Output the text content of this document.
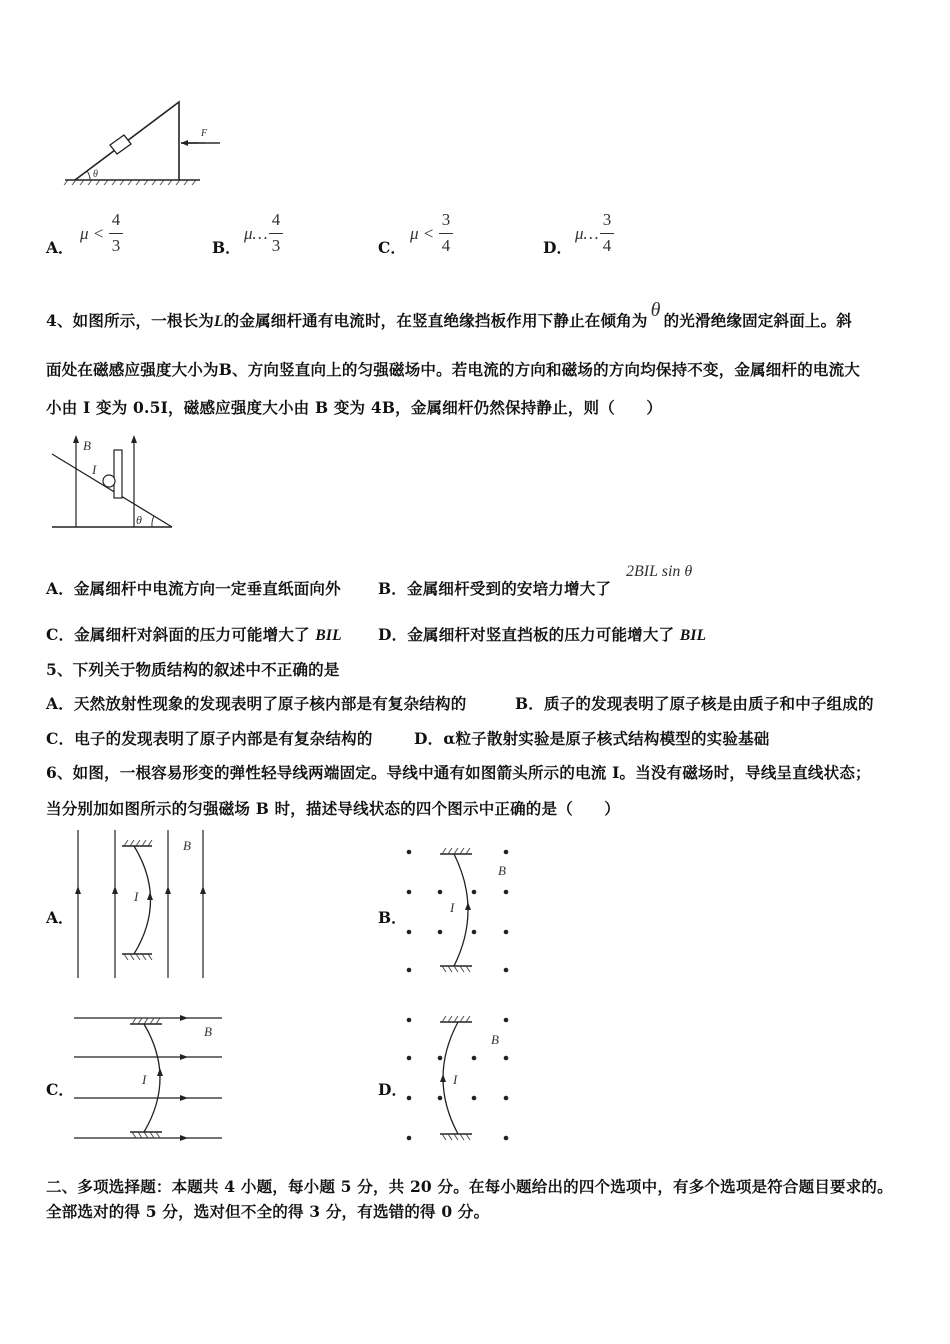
θ
F
A．
μ <
4
3	B．
μ…
4
3	C．
μ <
3
4	D．
μ…
3
4
4、如图所示，一根长为L的金属细杆通有电流时，在竖直绝缘挡板作用下静止在倾角为 θ 的光滑绝缘固定斜面上。斜
面处在磁感应强度大小为B、方向竖直向上的匀强磁场中。若电流的方向和磁场的方向均保持不变，金属细杆的电流大
小由 I 变为 0.5I，磁感应强度大小由 B 变为 4B，金属细杆仍然保持静止，则（　　）
B
I
θ
A．金属细杆中电流方向一定垂直纸面向外 B．金属细杆受到的安培力增大了
2BIL sin θ
C．金属细杆对斜面的压力可能增大了 BIL D．金属细杆对竖直挡板的压力可能增大了 BIL
5、下列关于物质结构的叙述中不正确的是
A．天然放射性现象的发现表明了原子核内部是有复杂结构的	B．质子的发现表明了原子核是由质子和中子组成的
C．电子的发现表明了原子内部是有复杂结构的	D．α粒子散射实验是原子核式结构模型的实验基础
6、如图，一根容易形变的弹性轻导线两端固定。导线中通有如图箭头所示的电流 I。当没有磁场时，导线呈直线状态；
当分别加如图所示的匀强磁场 B 时，描述导线状态的四个图示中正确的是（　　）
A．	B．
C．	D．
I
B
I
B
I
B
I
B
二、多项选择题：本题共 4 小题，每小题 5 分，共 20 分。在每小题给出的四个选项中，有多个选项是符合题目要求的。
全部选对的得 5 分，选对但不全的得 3 分，有选错的得 0 分。
